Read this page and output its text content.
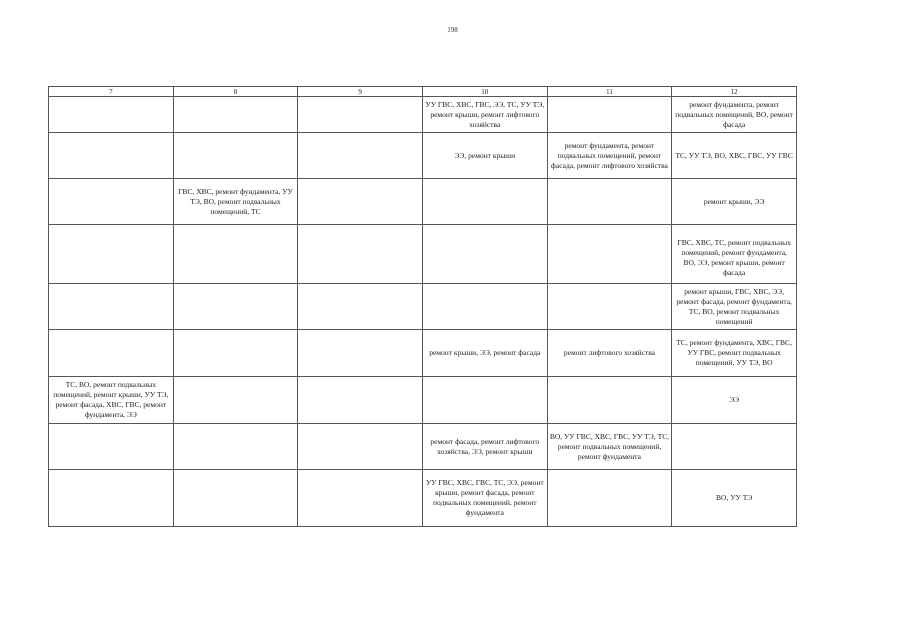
198
7	8	9	10	11	12
			УУ ГВС, ХВС, ГВС, ЭЭ, ТС, УУ ТЭ, ремонт крыши, ремонт лифтового хозяйства		ремонт фундамента, ремонт подвальных помещений, ВО, ремонт фасада
			ЭЭ, ремонт крыши	ремонт фундамента, ремонт подвальных помещений, ремонт фасада, ремонт лифтового хозяйства	ТС, УУ ТЭ, ВО, ХВС, ГВС, УУ ГВС
	ГВС, ХВС, ремонт фундамента, УУ ТЭ, ВО, ремонт подвальных помещений, ТС				ремонт крыши, ЭЭ
					ГВС, ХВС, ТС, ремонт подвальных помещений, ремонт фундамента, ВО, ЭЭ, ремонт крыши, ремонт фасада
					ремонт крыши, ГВС, ХВС, ЭЭ, ремонт фасада, ремонт фундамента, ТС, ВО, ремонт подвальных помещений
			ремонт крыши, ЭЭ, ремонт фасада	ремонт лифтового хозяйства	ТС, ремонт фундамента, ХВС, ГВС, УУ ГВС, ремонт подвальных помещений, УУ ТЭ, ВО
ТС, ВО, ремонт подвальных помещений, ремонт крыши, УУ ТЭ, ремонт фасада, ХВС, ГВС, ремонт фундамента, ЭЭ					ЭЭ
			ремонт фасада, ремонт лифтового хозяйства, ЭЭ, ремонт крыши	ВО, УУ ГВС, ХВС, ГВС, УУ ТЭ, ТС, ремонт подвальных помещений, ремонт фундамента	
			УУ ГВС, ХВС, ГВС, ТС, ЭЭ, ремонт крыши, ремонт фасада, ремонт подвальных помещений, ремонт фундамента		ВО, УУ ТЭ
